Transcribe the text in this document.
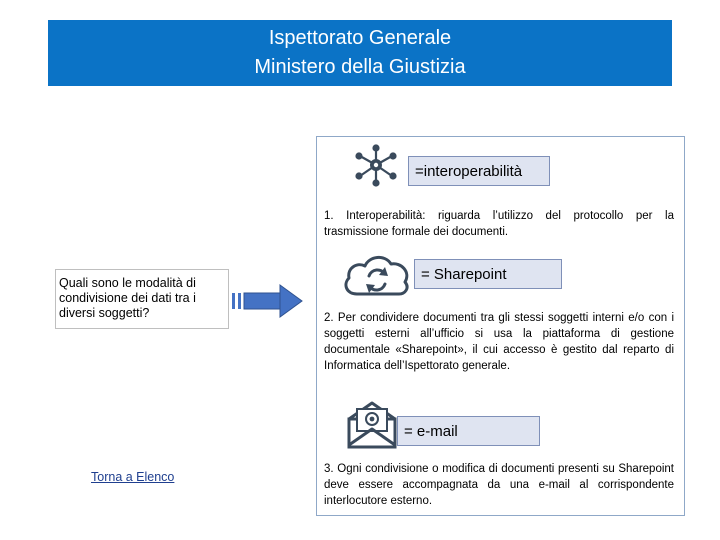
Ispettorato Generale
Ministero della Giustizia
Quali sono le modalità di condivisione dei dati tra i diversi soggetti?
=interoperabilità
1. Interoperabilità: riguarda l’utilizzo del protocollo per la trasmissione formale dei documenti.
= Sharepoint
2. Per condividere documenti tra gli stessi soggetti interni e/o con i soggetti esterni all’ufficio si usa la piattaforma di gestione documentale «Sharepoint», il cui accesso è gestito dal reparto di Informatica dell’Ispettorato generale.
= e-mail
3. Ogni condivisione o modifica di documenti presenti su Sharepoint deve essere accompagnata da una e-mail al corrispondente interlocutore esterno.
Torna a Elenco
